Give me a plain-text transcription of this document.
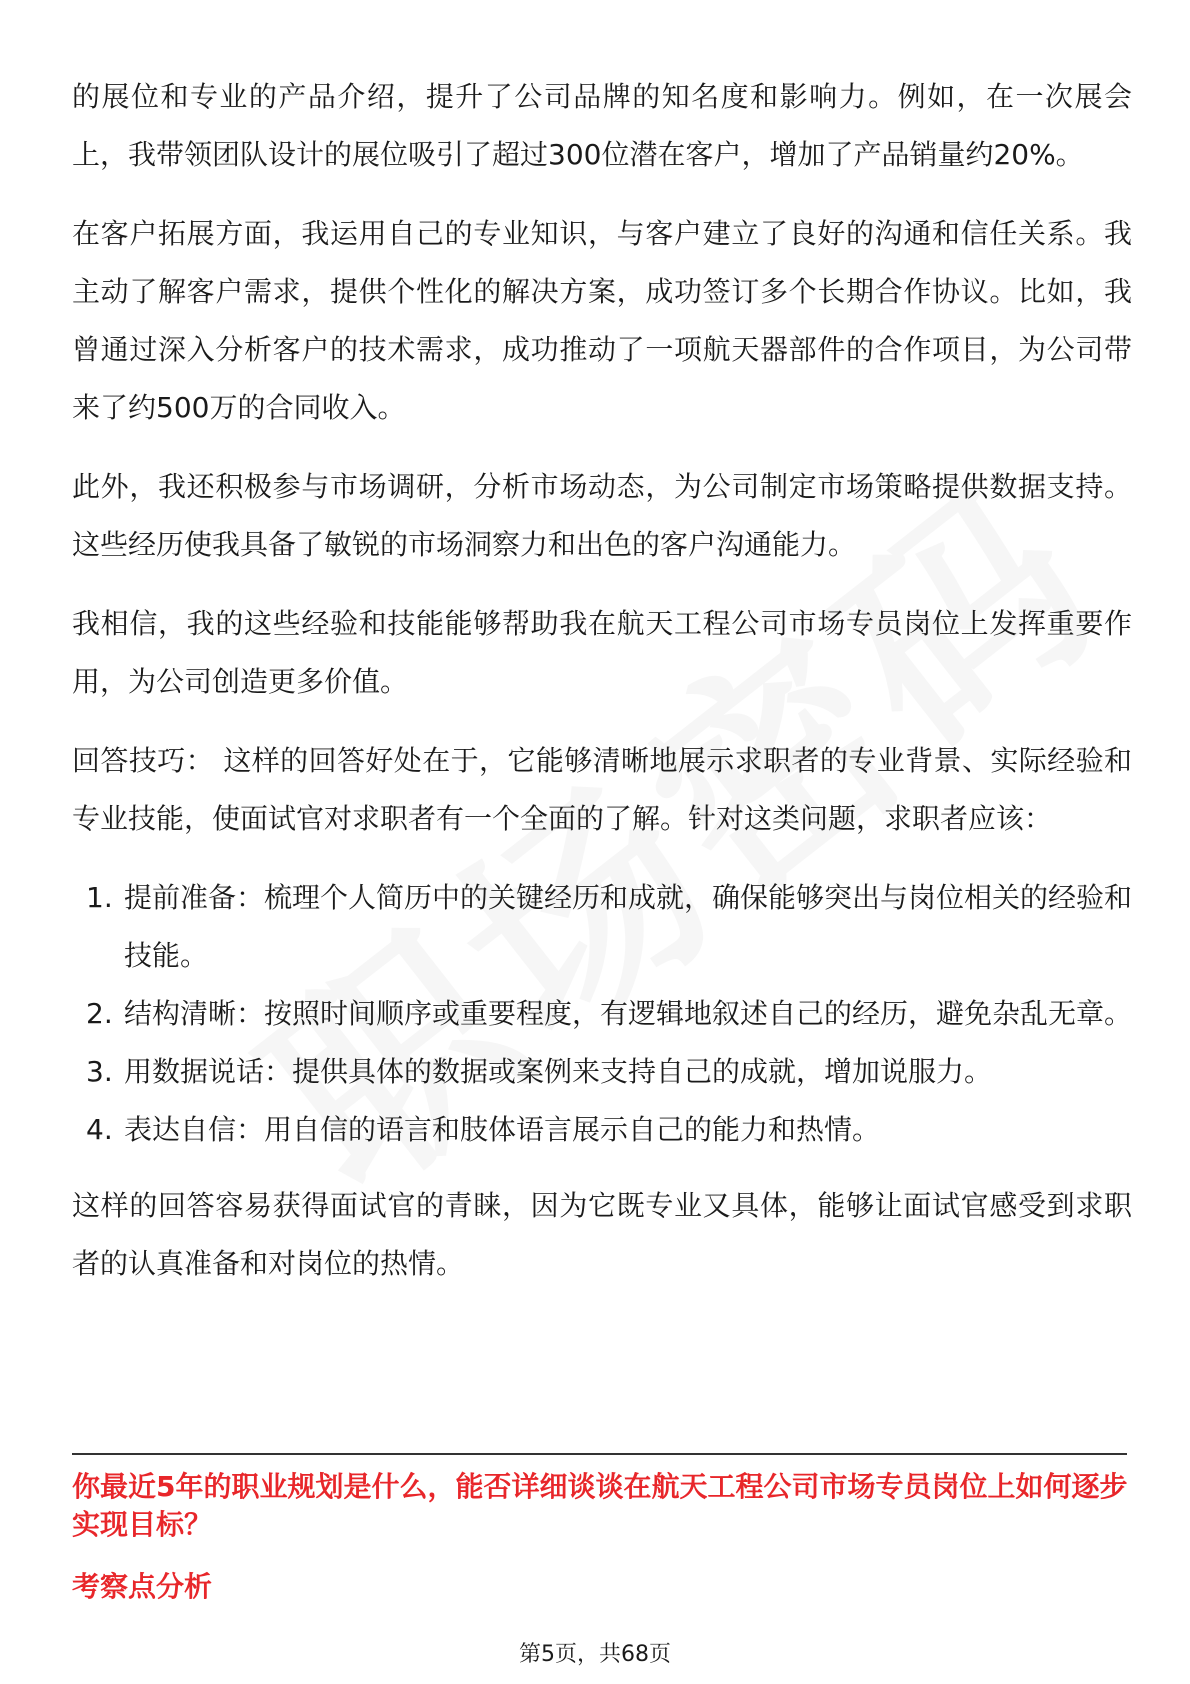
的展位和专业的产品介绍，提升了公司品牌的知名度和影响力。例如，在一次展会上，我带领团队设计的展位吸引了超过300位潜在客户，增加了产品销量约20%。

在客户拓展方面，我运用自己的专业知识，与客户建立了良好的沟通和信任关系。我主动了解客户需求，提供个性化的解决方案，成功签订多个长期合作协议。比如，我曾通过深入分析客户的技术需求，成功推动了一项航天器部件的合作项目，为公司带来了约500万的合同收入。

此外，我还积极参与市场调研，分析市场动态，为公司制定市场策略提供数据支持。这些经历使我具备了敏锐的市场洞察力和出色的客户沟通能力。

我相信，我的这些经验和技能能够帮助我在航天工程公司市场专员岗位上发挥重要作用，为公司创造更多价值。

回答技巧： 这样的回答好处在于，它能够清晰地展示求职者的专业背景、实际经验和专业技能，使面试官对求职者有一个全面的了解。针对这类问题，求职者应该：

1. 提前准备：梳理个人简历中的关键经历和成就，确保能够突出与岗位相关的经验和技能。
2. 结构清晰：按照时间顺序或重要程度，有逻辑地叙述自己的经历，避免杂乱无章。
3. 用数据说话：提供具体的数据或案例来支持自己的成就，增加说服力。
4. 表达自信：用自信的语言和肢体语言展示自己的能力和热情。

这样的回答容易获得面试官的青睐，因为它既专业又具体，能够让面试官感受到求职者的认真准备和对岗位的热情。

你最近5年的职业规划是什么，能否详细谈谈在航天工程公司市场专员岗位上如何逐步实现目标？

考察点分析

第5页，共68页
